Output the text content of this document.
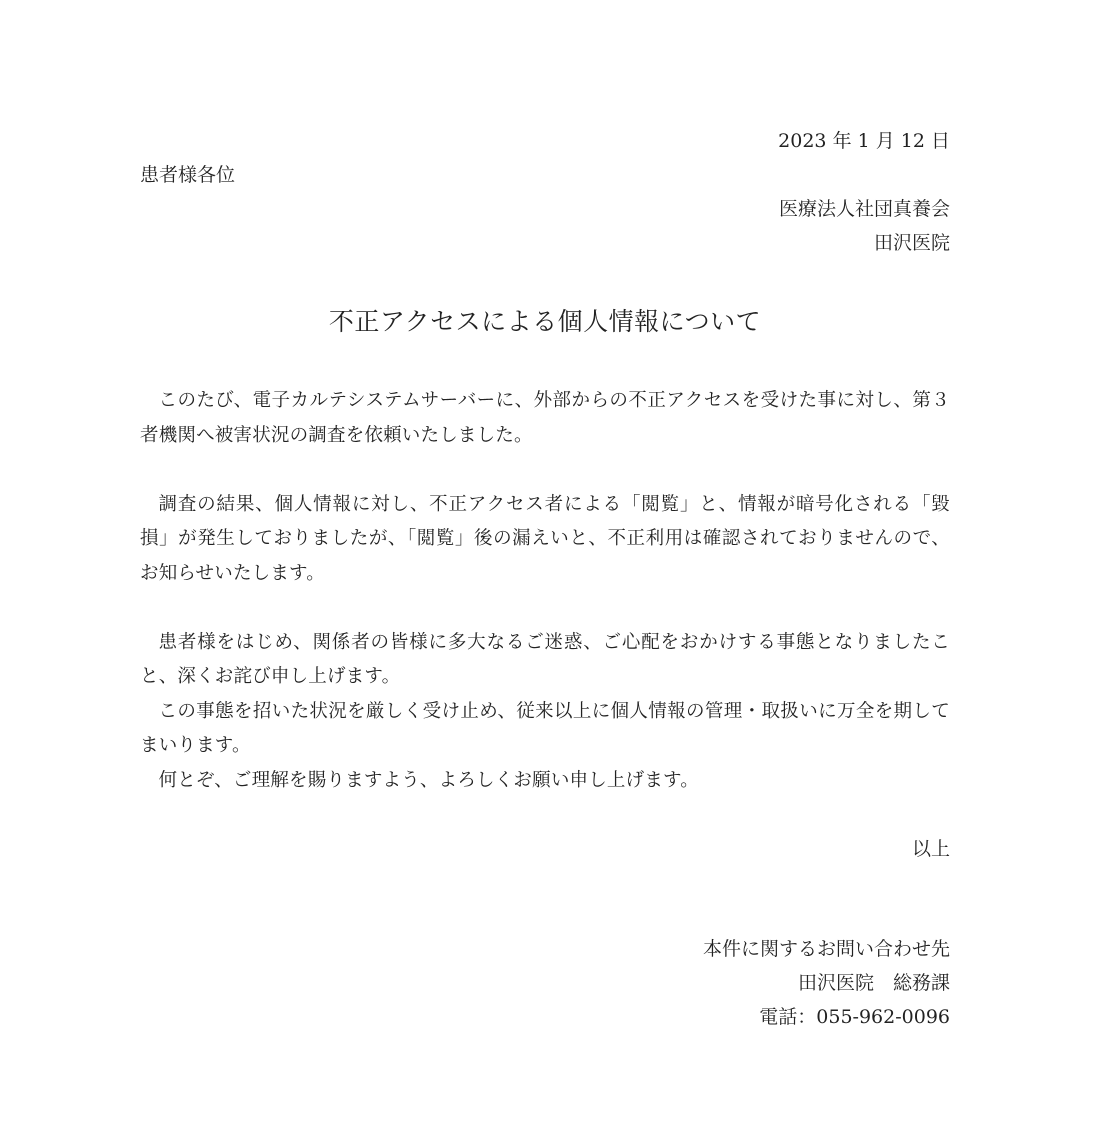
2023 年 1 月 12 日
患者様各位
医療法人社団真養会
田沢医院
不正アクセスによる個人情報について
このたび、電子カルテシステムサーバーに、外部からの不正アクセスを受けた事に対し、第３者機関へ被害状況の調査を依頼いたしました。
調査の結果、個人情報に対し、不正アクセス者による「閲覧」と、情報が暗号化される「毀損」が発生しておりましたが、「閲覧」後の漏えいと、不正利用は確認されておりませんので、お知らせいたします。
患者様をはじめ、関係者の皆様に多大なるご迷惑、ご心配をおかけする事態となりましたこと、深くお詫び申し上げます。
この事態を招いた状況を厳しく受け止め、従来以上に個人情報の管理・取扱いに万全を期してまいります。
何とぞ、ご理解を賜りますよう、よろしくお願い申し上げます。
以上
本件に関するお問い合わせ先
田沢医院　総務課
電話：055-962-0096
